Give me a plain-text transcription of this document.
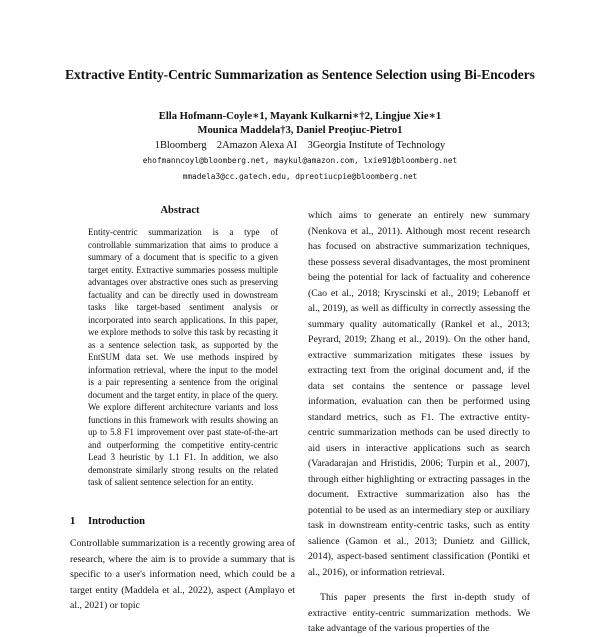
Extractive Entity-Centric Summarization as Sentence Selection using Bi-Encoders
Ella Hofmann-Coyle∗1, Mayank Kulkarni∗†2, Lingjue Xie∗1
Mounica Maddela†3, Daniel Preoţiuc-Pietro1
1Bloomberg    2Amazon Alexa AI    3Georgia Institute of Technology
ehofmanncoyl@bloomberg.net, maykul@amazon.com, lxie91@bloomberg.net
mmadela3@cc.gatech.edu, dpreotiucpie@bloomberg.net
Abstract
Entity-centric summarization is a type of controllable summarization that aims to produce a summary of a document that is specific to a given target entity. Extractive summaries possess multiple advantages over abstractive ones such as preserving factuality and can be directly used in downstream tasks like target-based sentiment analysis or incorporated into search applications. In this paper, we explore methods to solve this task by recasting it as a sentence selection task, as supported by the EntSUM data set. We use methods inspired by information retrieval, where the input to the model is a pair representing a sentence from the original document and the target entity, in place of the query. We explore different architecture variants and loss functions in this framework with results showing an up to 5.8 F1 improvement over past state-of-the-art and outperforming the competitive entity-centric Lead 3 heuristic by 1.1 F1. In addition, we also demonstrate similarly strong results on the related task of salient sentence selection for an entity.
1 Introduction
Controllable summarization is a recently growing area of research, where the aim is to provide a summary that is specific to a user's information need, which could be a target entity (Maddela et al., 2022), aspect (Amplayo et al., 2021) or topic

which aims to generate an entirely new summary (Nenkova et al., 2011). Although most recent research has focused on abstractive summarization techniques, these possess several disadvantages, the most prominent being the potential for lack of factuality and coherence (Cao et al., 2018; Kryscinski et al., 2019; Lebanoff et al., 2019), as well as difficulty in correctly assessing the summary quality automatically (Rankel et al., 2013; Peyrard, 2019; Zhang et al., 2019). On the other hand, extractive summarization mitigates these issues by extracting text from the original document and, if the data set contains the sentence or passage level information, evaluation can then be performed using standard metrics, such as F1. The extractive entity-centric summarization methods can be used directly to aid users in interactive applications such as search (Varadarajan and Hristidis, 2006; Turpin et al., 2007), through either highlighting or extracting passages in the document. Extractive summarization also has the potential to be used as an intermediary step or auxiliary task in downstream entity-centric tasks, such as entity salience (Gamon et al., 2013; Dunietz and Gillick, 2014), aspect-based sentiment classification (Pontiki et al., 2016), or information retrieval.

This paper presents the first in-depth study of extractive entity-centric summarization methods. We take advantage of the various properties of the
